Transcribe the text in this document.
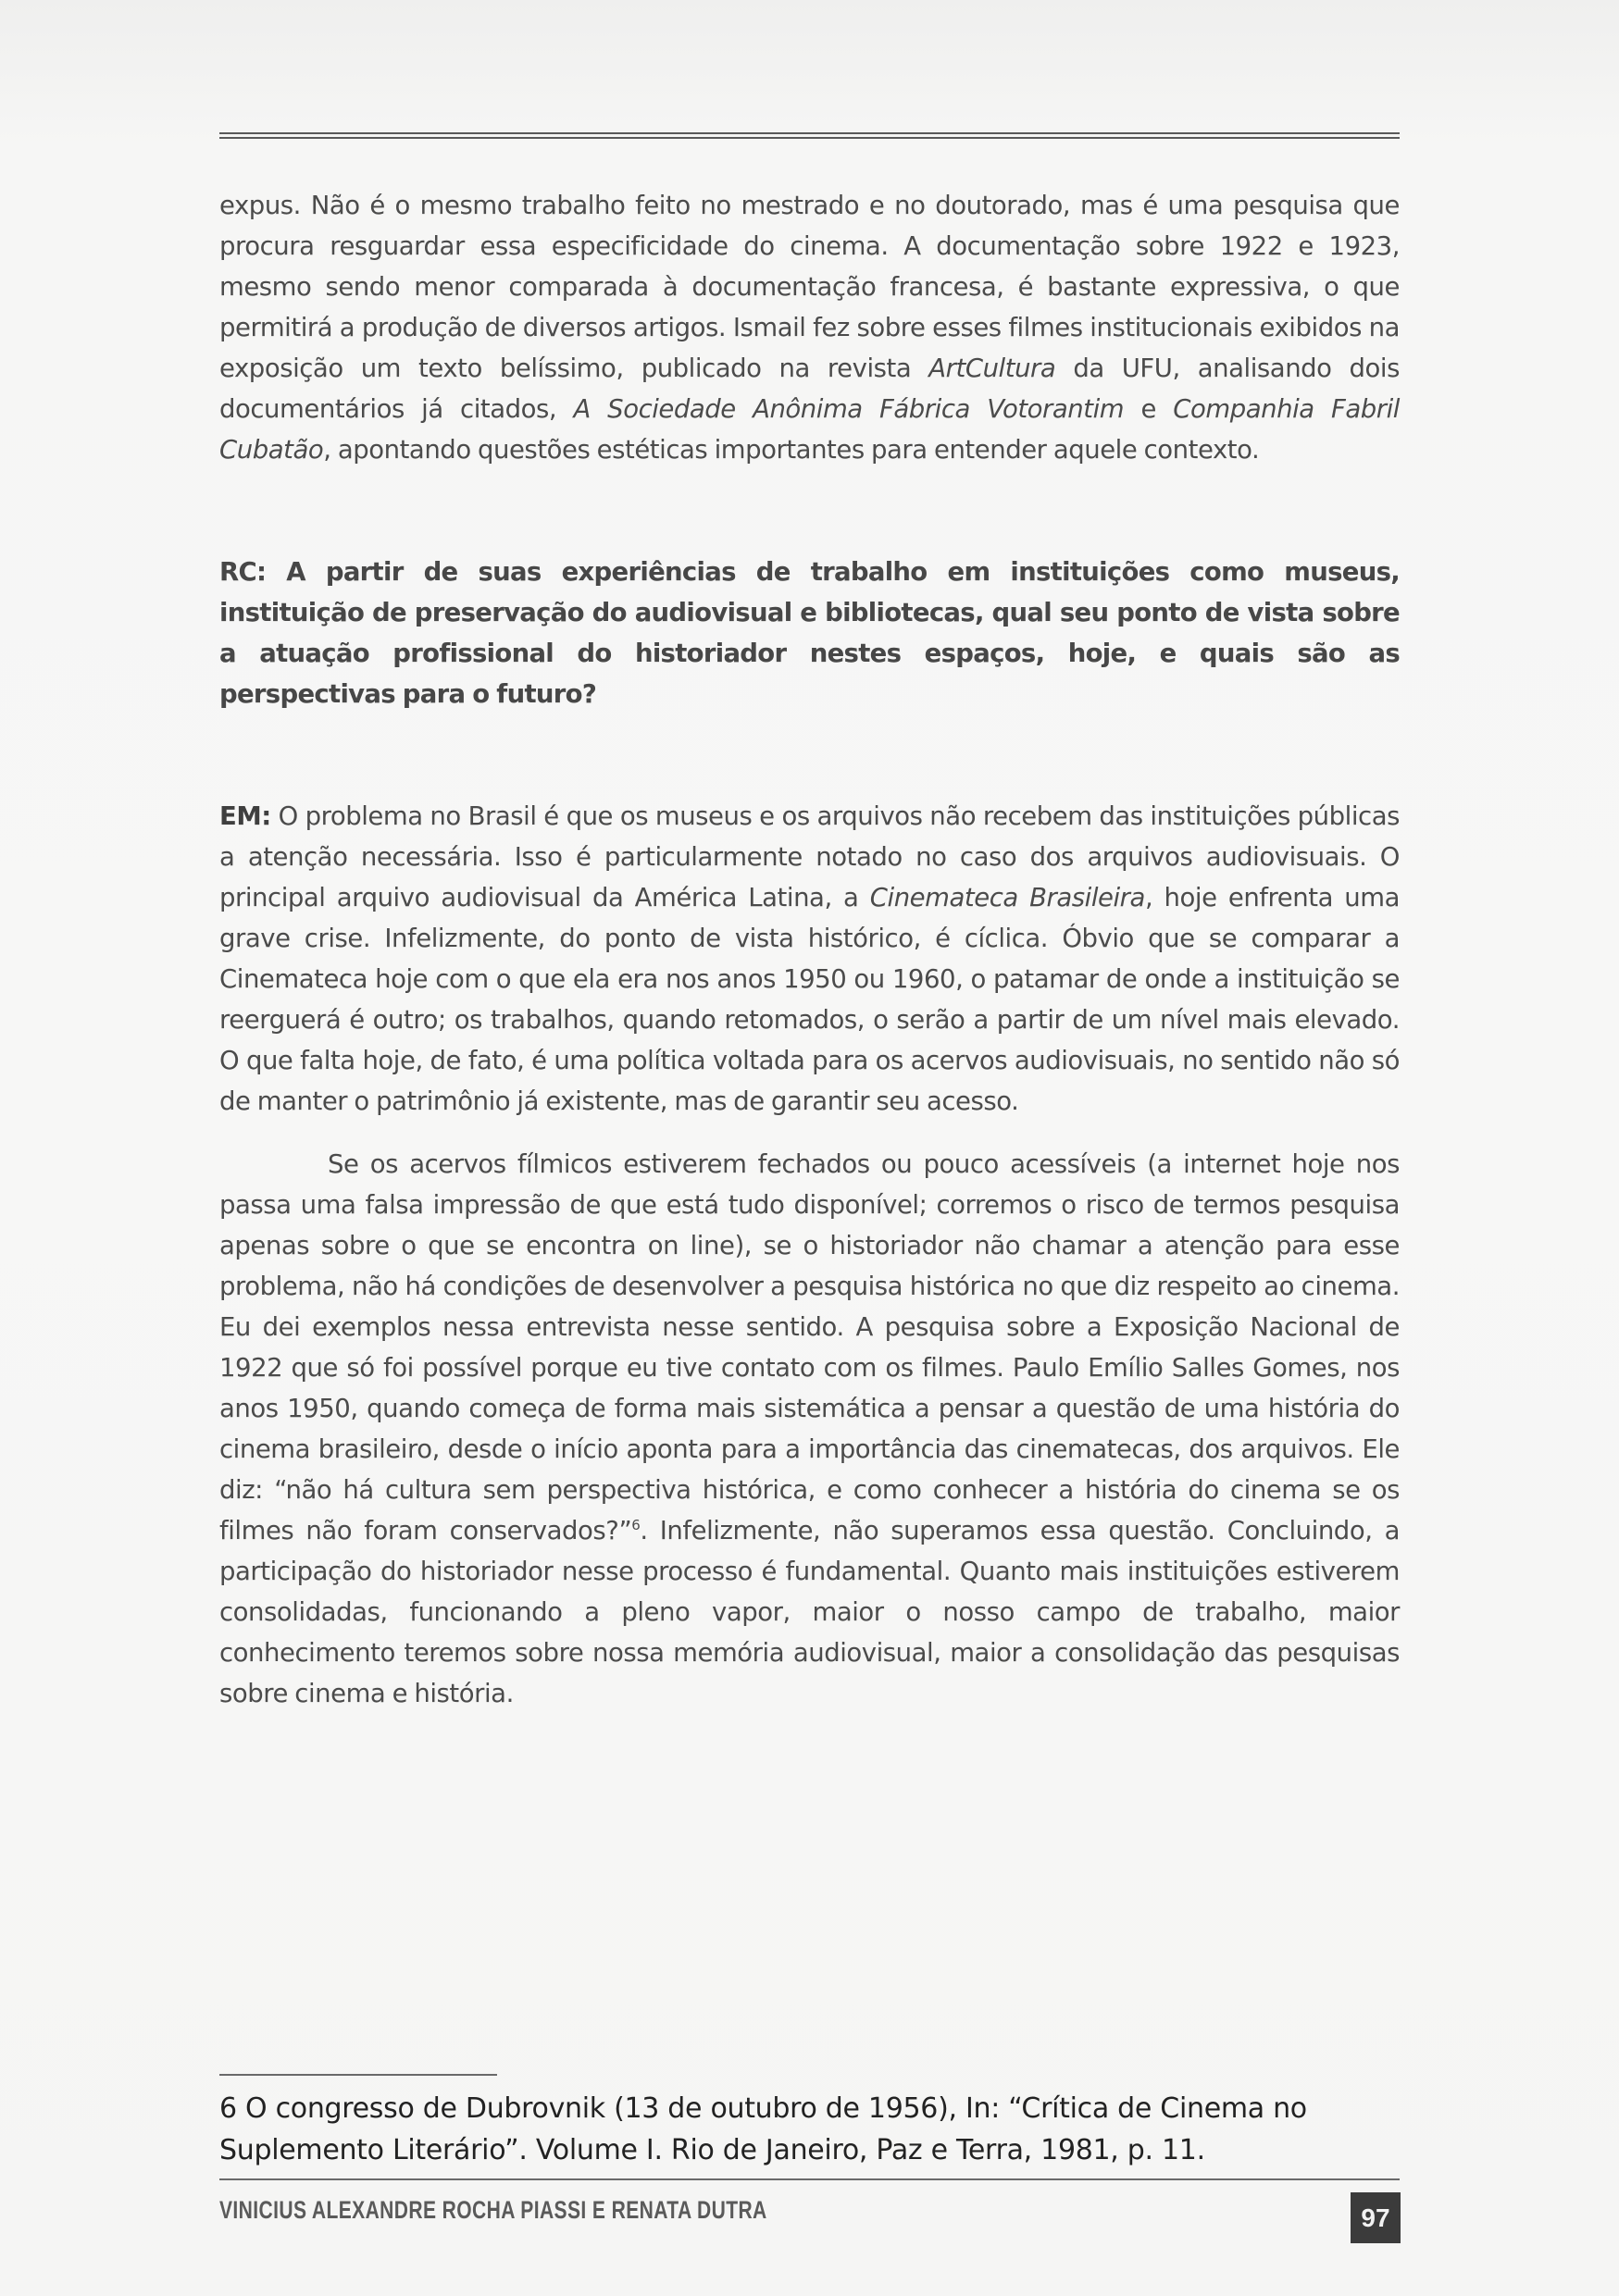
expus. Não é o mesmo trabalho feito no mestrado e no doutorado, mas é uma pesquisa que procura resguardar essa especificidade do cinema. A documentação sobre 1922 e 1923, mesmo sendo menor comparada à documentação francesa, é bastante expressiva, o que permitirá a produção de diversos artigos. Ismail fez sobre esses filmes institucionais exibidos na exposição um texto belíssimo, publicado na revista ArtCultura da UFU, analisando dois documentários já citados, A Sociedade Anônima Fábrica Votorantim e Companhia Fabril Cubatão, apontando questões estéticas importantes para entender aquele contexto.

RC: A partir de suas experiências de trabalho em instituições como museus, instituição de preservação do audiovisual e bibliotecas, qual seu ponto de vista sobre a atuação profissional do historiador nestes espaços, hoje, e quais são as perspectivas para o futuro?

EM: O problema no Brasil é que os museus e os arquivos não recebem das instituições públicas a atenção necessária. Isso é particularmente notado no caso dos arquivos audiovisuais. O principal arquivo audiovisual da América Latina, a Cinemateca Brasileira, hoje enfrenta uma grave crise. Infelizmente, do ponto de vista histórico, é cíclica. Óbvio que se comparar a Cinemateca hoje com o que ela era nos anos 1950 ou 1960, o patamar de onde a instituição se reerguerá é outro; os trabalhos, quando retomados, o serão a partir de um nível mais elevado. O que falta hoje, de fato, é uma política voltada para os acervos audiovisuais, no sentido não só de manter o patrimônio já existente, mas de garantir seu acesso.

Se os acervos fílmicos estiverem fechados ou pouco acessíveis (a internet hoje nos passa uma falsa impressão de que está tudo disponível; corremos o risco de termos pesquisa apenas sobre o que se encontra on line), se o historiador não chamar a atenção para esse problema, não há condições de desenvolver a pesquisa histórica no que diz respeito ao cinema. Eu dei exemplos nessa entrevista nesse sentido. A pesquisa sobre a Exposição Nacional de 1922 que só foi possível porque eu tive contato com os filmes. Paulo Emílio Salles Gomes, nos anos 1950, quando começa de forma mais sistemática a pensar a questão de uma história do cinema brasileiro, desde o início aponta para a importância das cinematecas, dos arquivos. Ele diz: “não há cultura sem perspectiva histórica, e como conhecer a história do cinema se os filmes não foram conservados?”$^6$. Infelizmente, não superamos essa questão. Concluindo, a participação do historiador nesse processo é fundamental. Quanto mais instituições estiverem consolidadas, funcionando a pleno vapor, maior o nosso campo de trabalho, maior conhecimento teremos sobre nossa memória audiovisual, maior a consolidação das pesquisas sobre cinema e história.

6 O congresso de Dubrovnik (13 de outubro de 1956), In: “Crítica de Cinema no Suplemento Literário”. Volume I. Rio de Janeiro, Paz e Terra, 1981, p. 11.
VINICIUS ALEXANDRE ROCHA PIASSI E RENATA DUTRA	97
